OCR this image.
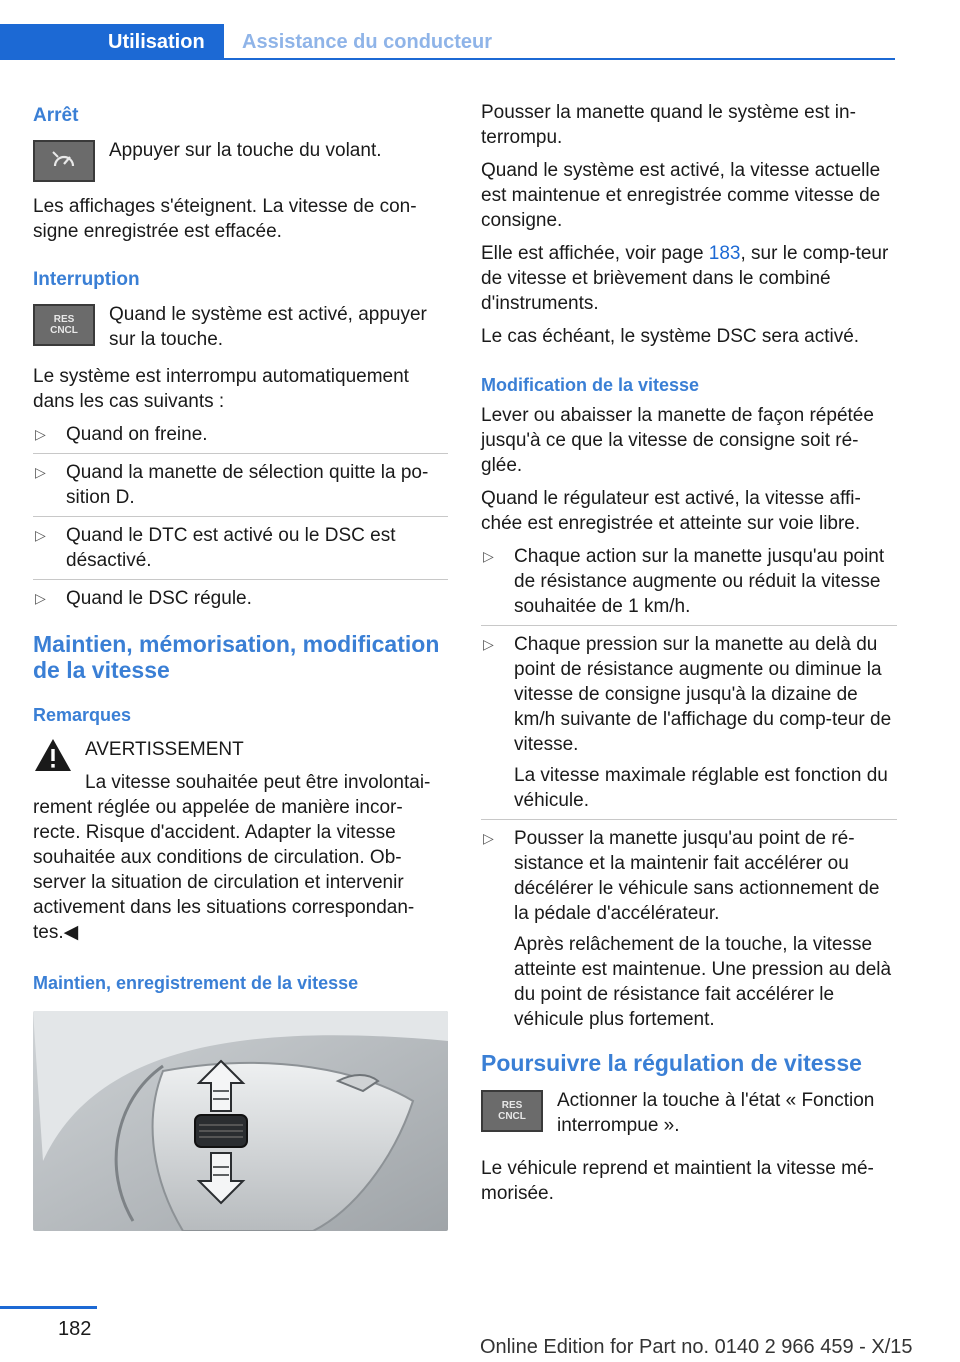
Utilisation	Assistance du conducteur
Arrêt
Appuyer sur la touche du volant.

Les affichages s'éteignent. La vitesse de con‐signe enregistrée est effacée.

Interruption
RES
CNCL
Quand le système est activé, appuyer sur la touche.

Le système est interrompu automatiquement dans les cas suivants :

▷ Quand on freine.
▷ Quand la manette de sélection quitte la po‐sition D.
▷ Quand le DTC est activé ou le DSC est désactivé.
▷ Quand le DSC régule.
Maintien, mémorisation, modification de la vitesse
Remarques
AVERTISSEMENT

La vitesse souhaitée peut être involontai‐rement réglée ou appelée de manière incor‐recte. Risque d'accident. Adapter la vitesse souhaitée aux conditions de circulation. Ob‐server la situation de circulation et intervenir activement dans les situations correspondan‐tes.◀

Maintien, enregistrement de la vitesse

Pousser la manette quand le système est in‐terrompu.

Quand le système est activé, la vitesse actuelle est maintenue et enregistrée comme vitesse de consigne.

Elle est affichée, voir page 183, sur le comp‐teur de vitesse et brièvement dans le combiné d'instruments.

Le cas échéant, le système DSC sera activé.

Modification de la vitesse

Lever ou abaisser la manette de façon répétée jusqu'à ce que la vitesse de consigne soit ré‐glée.

Quand le régulateur est activé, la vitesse affi‐chée est enregistrée et atteinte sur voie libre.

▷ Chaque action sur la manette jusqu'au point de résistance augmente ou réduit la vitesse souhaitée de 1 km/h.
▷ Chaque pression sur la manette au delà du point de résistance augmente ou diminue la vitesse de consigne jusqu'à la dizaine de km/h suivante de l'affichage du comp‐teur de vitesse.
La vitesse maximale réglable est fonction du véhicule.
▷ Pousser la manette jusqu'au point de ré‐sistance et la maintenir fait accélérer ou décélérer le véhicule sans actionnement de la pédale d'accélérateur.
Après relâchement de la touche, la vitesse atteinte est maintenue. Une pression au delà du point de résistance fait accélérer le véhicule plus fortement.
Poursuivre la régulation de vitesse
RES
CNCL
Actionner la touche à l'état « Fonction interrompue ».

Le véhicule reprend et maintient la vitesse mé‐morisée.

182
Online Edition for Part no. 0140 2 966 459 - X/15
